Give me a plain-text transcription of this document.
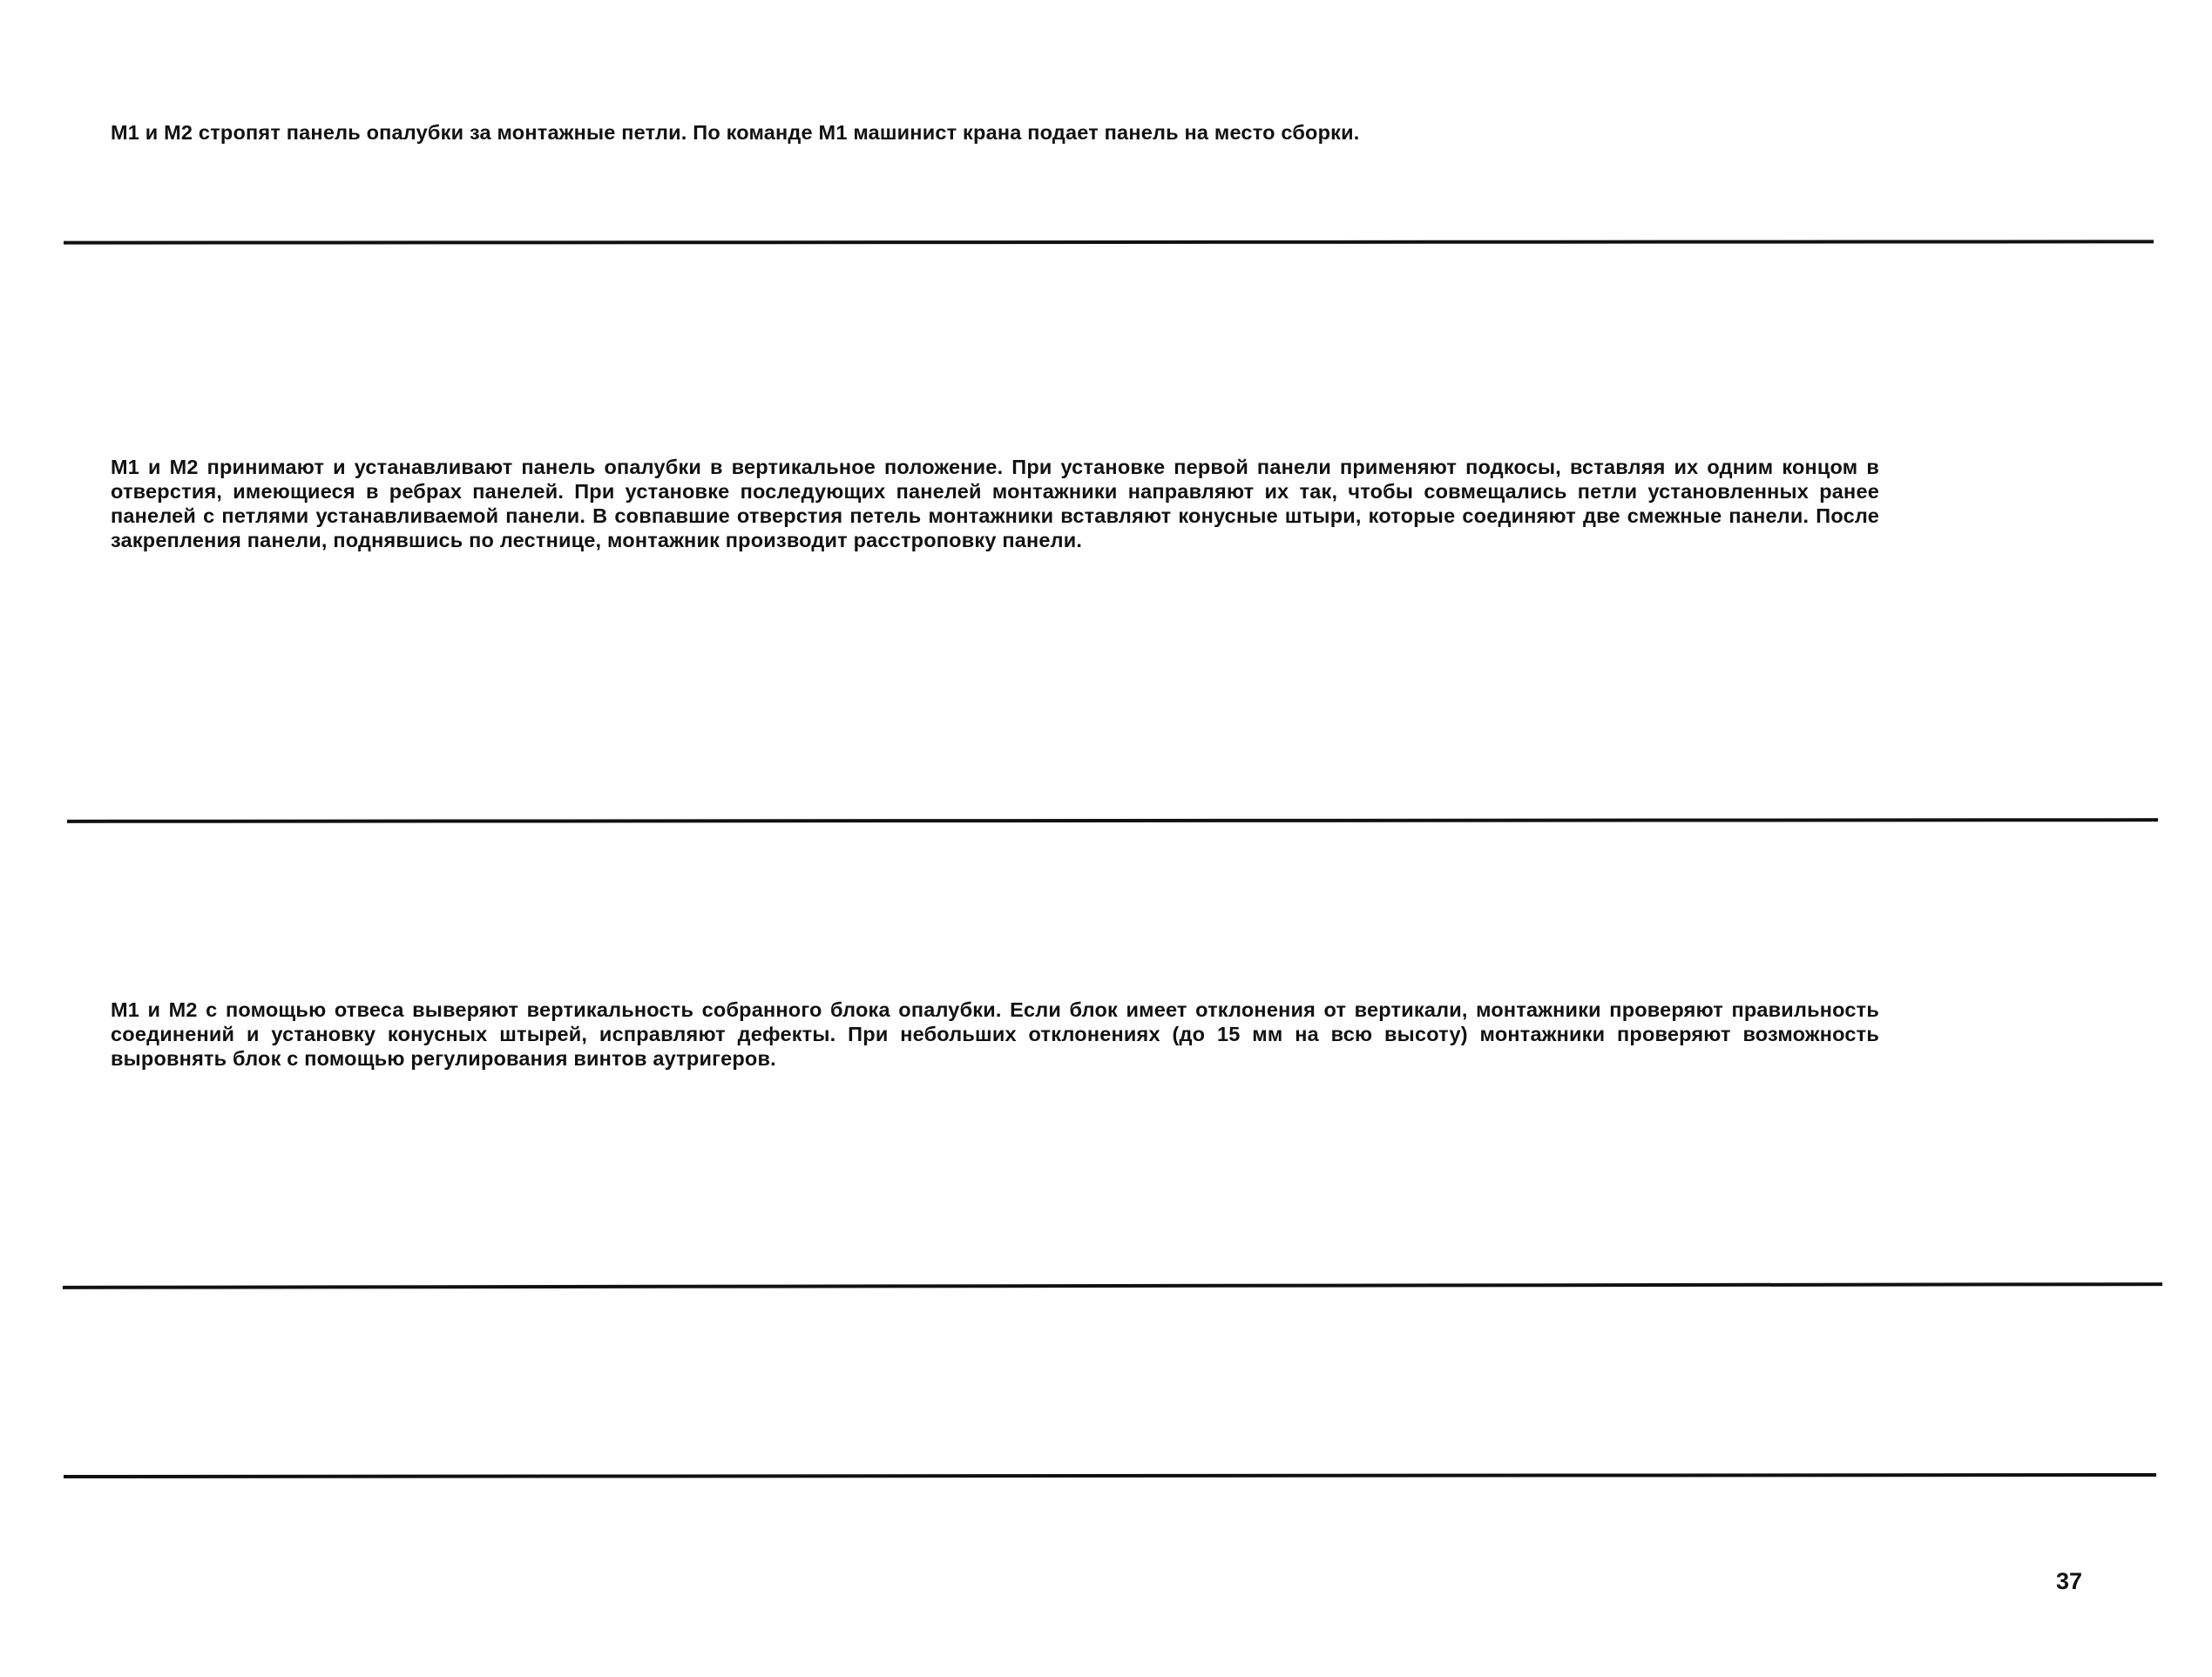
М1 и М2 стропят панель опалубки за монтажные петли. По команде М1 машинист крана подает панель на место сборки.
М1 и М2 принимают и устанавливают панель опалубки в вертикальное положение. При установке первой панели применяют подкосы, вставляя их одним концом в отверстия, имеющиеся в ребрах панелей. При установке последующих панелей монтажники направляют их так, чтобы совмещались петли установленных ранее панелей с петлями устанавливаемой панели. В совпавшие отверстия петель монтажники вставляют конусные штыри, которые соединяют две смежные панели. После закрепления панели, поднявшись по лестнице, монтажник производит расстроповку панели.
М1 и М2 с помощью отвеса выверяют вертикальность собранного блока опалубки. Если блок имеет отклонения от вертикали, монтажники проверяют правильность соединений и установку конусных штырей, исправляют дефекты. При небольших отклонениях (до 15 мм на всю высоту) монтажники проверяют возможность выровнять блок с помощью регулирования винтов аутригеров.
37
